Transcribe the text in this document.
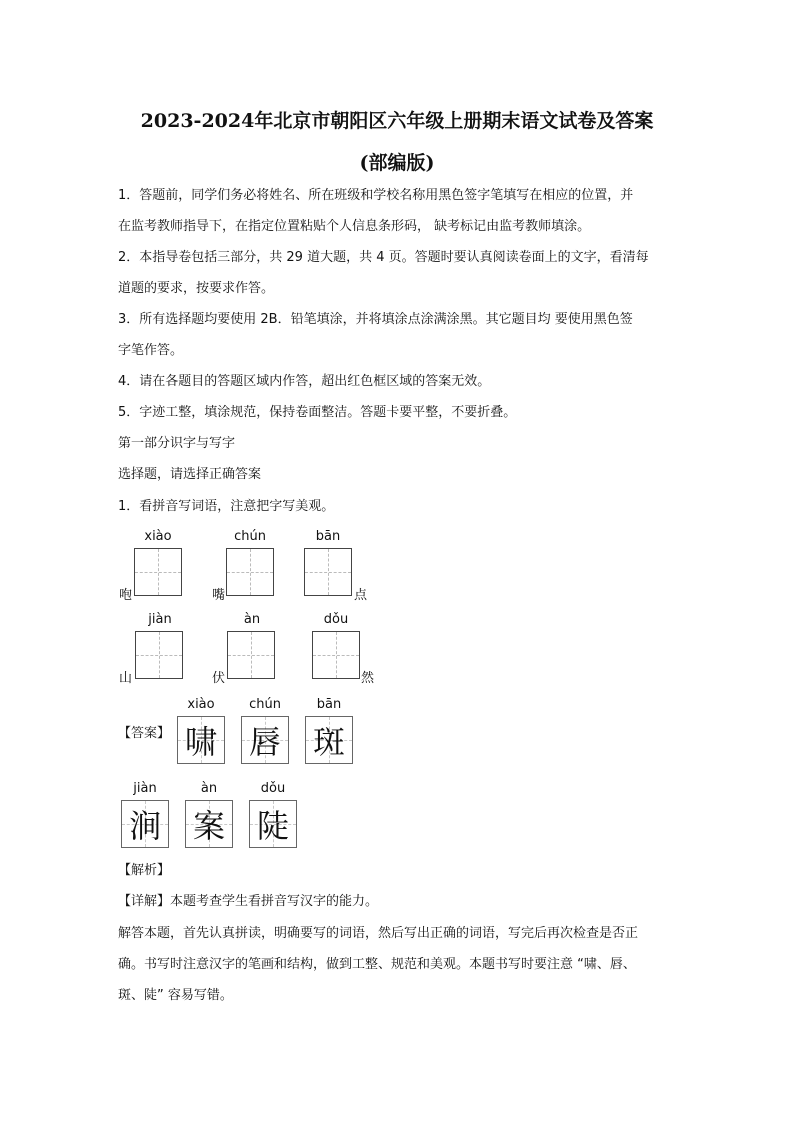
2023-2024年北京市朝阳区六年级上册期末语文试卷及答案
(部编版)
1．答题前，同学们务必将姓名、所在班级和学校名称用黑色签字笔填写在相应的位置，并
在监考教师指导下，在指定位置粘贴个人信息条形码， 缺考标记由监考教师填涂。
2．本指导卷包括三部分，共 29 道大题，共 4 页。答题时要认真阅读卷面上的文字，看清每
道题的要求，按要求作答。
3．所有选择题均要使用 2B．铅笔填涂，并将填涂点涂满涂黑。其它题目均 要使用黑色签
字笔作答。
4．请在各题目的答题区域内作答，超出红色框区域的答案无效。
5．字迹工整，填涂规范，保持卷面整洁。答题卡要平整，不要折叠。
第一部分识字与写字
选择题，请选择正确答案
1．看拼音写词语，注意把字写美观。
xiào	chún	bān
咆	嘴	点
jiàn	àn	dǒu
山	伏	然
【答案】
xiào	chún	bān
啸 唇 斑
jiàn	àn	dǒu
涧 案 陡
【解析】
【详解】本题考查学生看拼音写汉字的能力。
解答本题，首先认真拼读，明确要写的词语，然后写出正确的词语，写完后再次检查是否正
确。书写时注意汉字的笔画和结构，做到工整、规范和美观。本题书写时要注意 “啸、唇、
斑、陡” 容易写错。
